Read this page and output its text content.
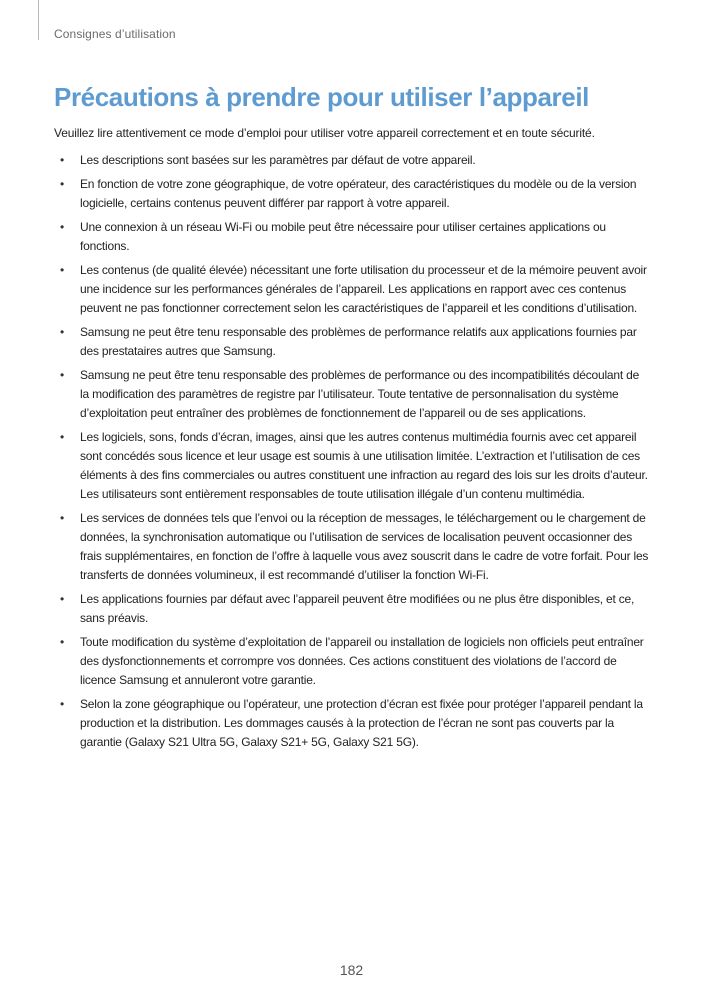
Consignes d’utilisation
Précautions à prendre pour utiliser l’appareil

Veuillez lire attentivement ce mode d’emploi pour utiliser votre appareil correctement et en toute sécurité.

• Les descriptions sont basées sur les paramètres par défaut de votre appareil.
• En fonction de votre zone géographique, de votre opérateur, des caractéristiques du modèle ou de la version logicielle, certains contenus peuvent différer par rapport à votre appareil.
• Une connexion à un réseau Wi-Fi ou mobile peut être nécessaire pour utiliser certaines applications ou fonctions.
• Les contenus (de qualité élevée) nécessitant une forte utilisation du processeur et de la mémoire peuvent avoir une incidence sur les performances générales de l’appareil. Les applications en rapport avec ces contenus peuvent ne pas fonctionner correctement selon les caractéristiques de l’appareil et les conditions d’utilisation.
• Samsung ne peut être tenu responsable des problèmes de performance relatifs aux applications fournies par des prestataires autres que Samsung.
• Samsung ne peut être tenu responsable des problèmes de performance ou des incompatibilités découlant de la modification des paramètres de registre par l’utilisateur. Toute tentative de personnalisation du système d’exploitation peut entraîner des problèmes de fonctionnement de l’appareil ou de ses applications.
• Les logiciels, sons, fonds d’écran, images, ainsi que les autres contenus multimédia fournis avec cet appareil sont concédés sous licence et leur usage est soumis à une utilisation limitée. L’extraction et l’utilisation de ces éléments à des fins commerciales ou autres constituent une infraction au regard des lois sur les droits d’auteur. Les utilisateurs sont entièrement responsables de toute utilisation illégale d’un contenu multimédia.
• Les services de données tels que l’envoi ou la réception de messages, le téléchargement ou le chargement de données, la synchronisation automatique ou l’utilisation de services de localisation peuvent occasionner des frais supplémentaires, en fonction de l’offre à laquelle vous avez souscrit dans le cadre de votre forfait. Pour les transferts de données volumineux, il est recommandé d’utiliser la fonction Wi-Fi.
• Les applications fournies par défaut avec l’appareil peuvent être modifiées ou ne plus être disponibles, et ce, sans préavis.
• Toute modification du système d’exploitation de l’appareil ou installation de logiciels non officiels peut entraîner des dysfonctionnements et corrompre vos données. Ces actions constituent des violations de l’accord de licence Samsung et annuleront votre garantie.
• Selon la zone géographique ou l’opérateur, une protection d’écran est fixée pour protéger l’appareil pendant la production et la distribution. Les dommages causés à la protection de l’écran ne sont pas couverts par la garantie (Galaxy S21 Ultra 5G, Galaxy S21+ 5G, Galaxy S21 5G).
182
